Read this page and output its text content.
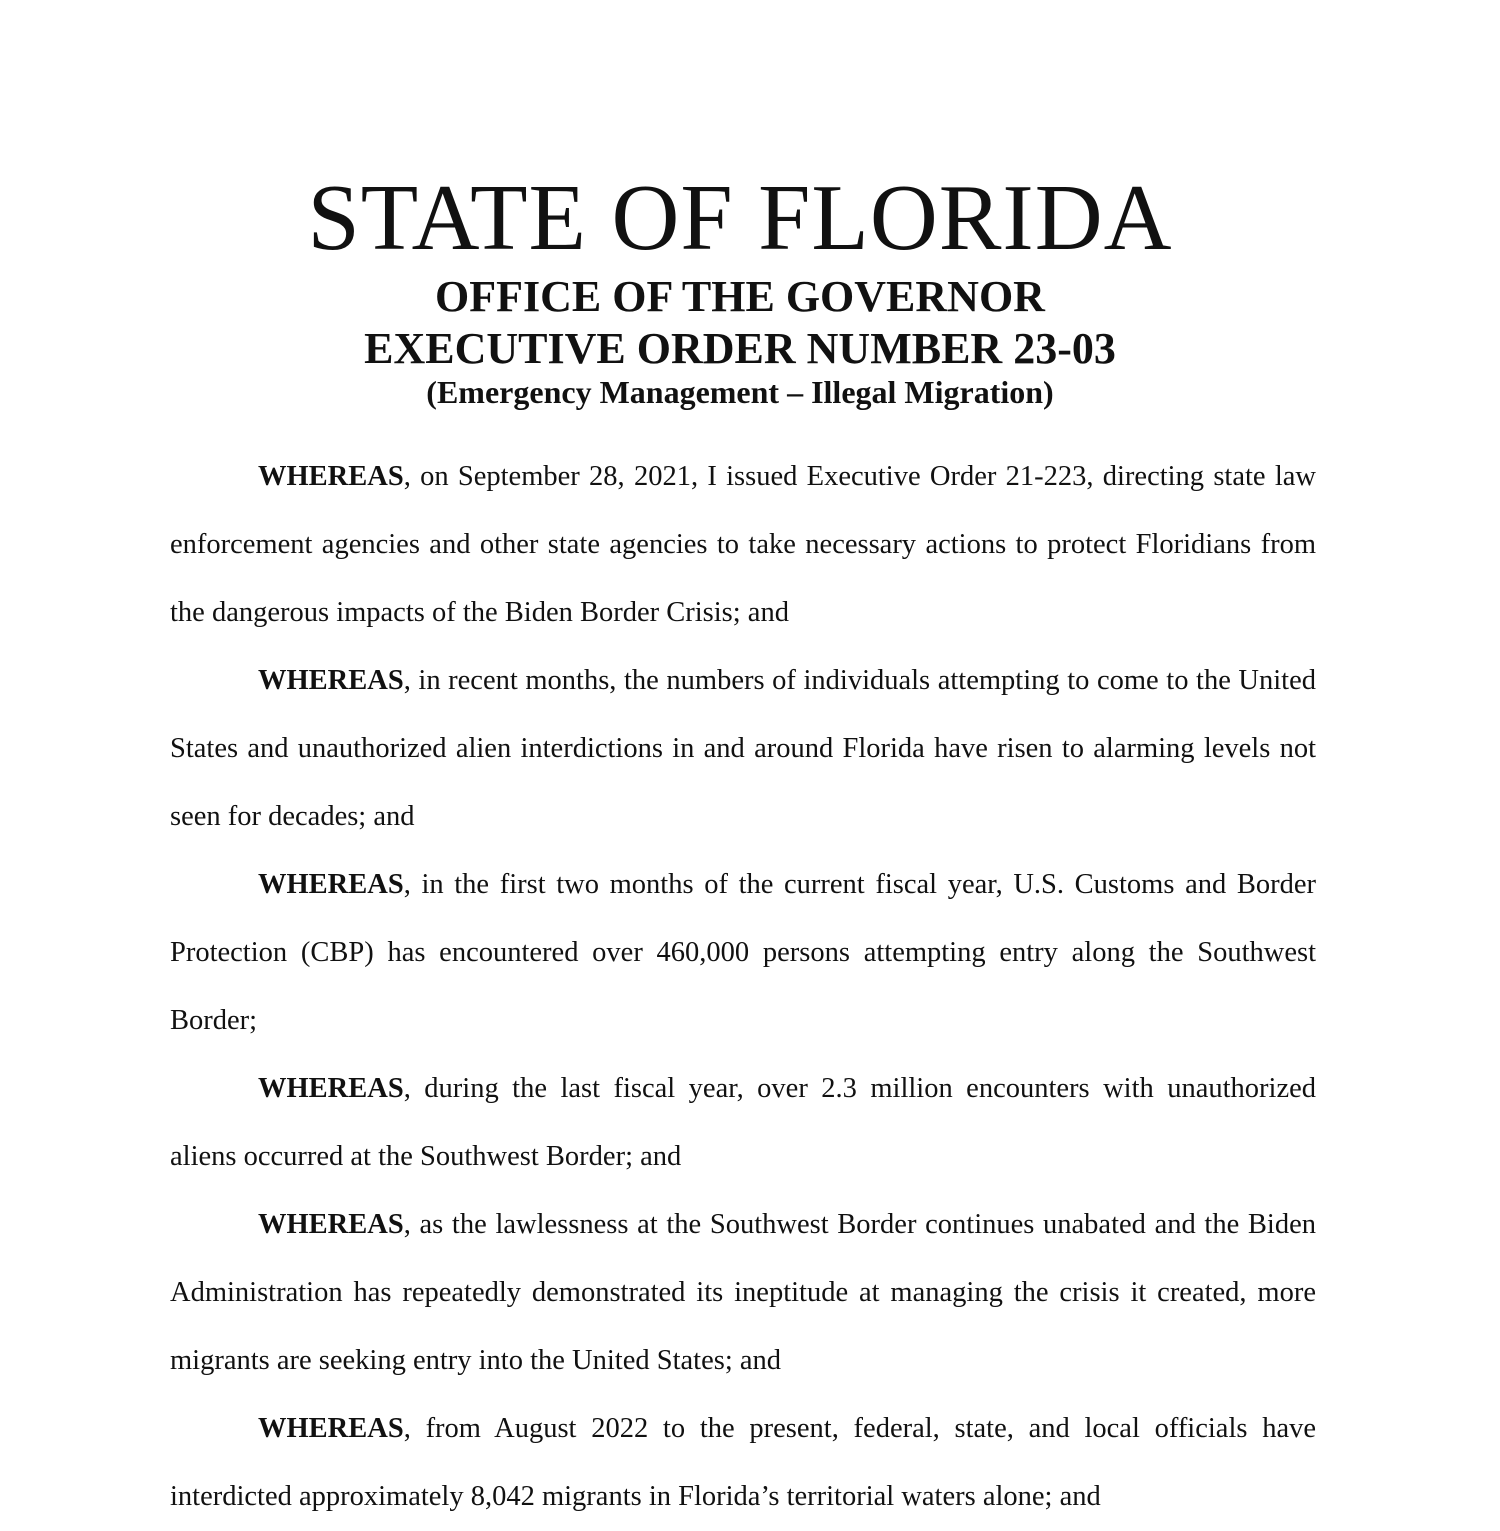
STATE OF FLORIDA
OFFICE OF THE GOVERNOR
EXECUTIVE ORDER NUMBER 23-03
(Emergency Management – Illegal Migration)

WHEREAS, on September 28, 2021, I issued Executive Order 21-223, directing state law enforcement agencies and other state agencies to take necessary actions to protect Floridians from the dangerous impacts of the Biden Border Crisis; and

WHEREAS, in recent months, the numbers of individuals attempting to come to the United States and unauthorized alien interdictions in and around Florida have risen to alarming levels not seen for decades; and

WHEREAS, in the first two months of the current fiscal year, U.S. Customs and Border Protection (CBP) has encountered over 460,000 persons attempting entry along the Southwest Border;

WHEREAS, during the last fiscal year, over 2.3 million encounters with unauthorized aliens occurred at the Southwest Border; and

WHEREAS, as the lawlessness at the Southwest Border continues unabated and the Biden Administration has repeatedly demonstrated its ineptitude at managing the crisis it created, more migrants are seeking entry into the United States; and

WHEREAS, from August 2022 to the present, federal, state, and local officials have interdicted approximately 8,042 migrants in Florida’s territorial waters alone; and
